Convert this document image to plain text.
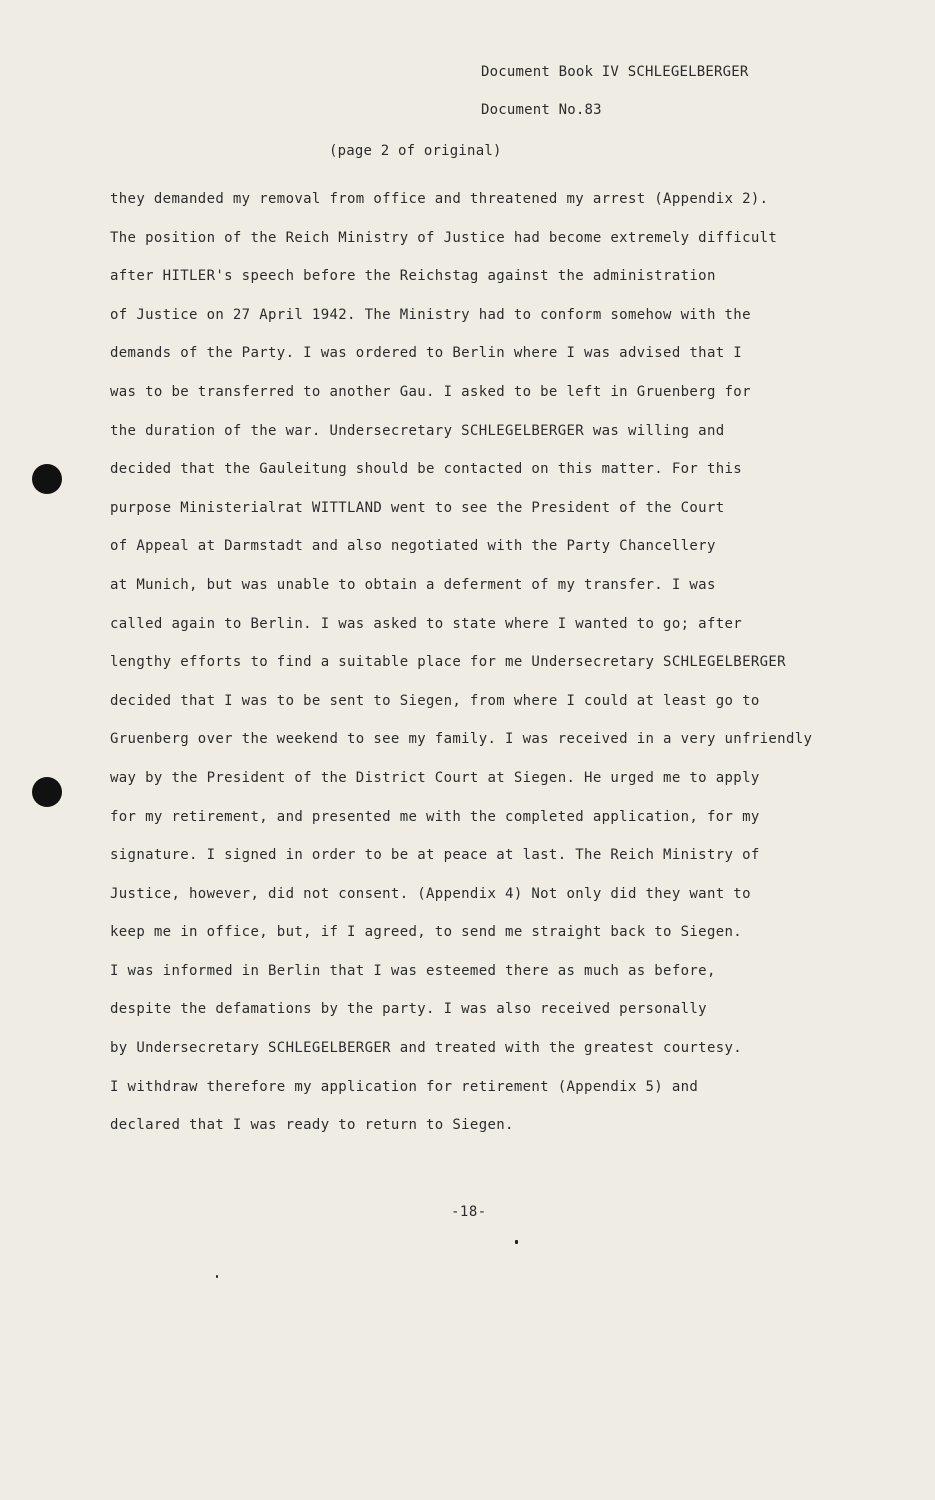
Document Book IV SCHLEGELBERGER
Document No.83
(page 2 of original)
they demanded my removal from office and threatened my arrest (Appendix 2).
The position of the Reich Ministry of Justice had become extremely difficult
after HITLER's speech before the Reichstag against the administration
of Justice on 27 April 1942. The Ministry had to conform somehow with the
demands of the Party. I was ordered to Berlin where I was advised that I
was to be transferred to another Gau. I asked to be left in Gruenberg for
the duration of the war. Undersecretary SCHLEGELBERGER was willing and
decided that the Gauleitung should be contacted on this matter. For this
purpose Ministerialrat WITTLAND went to see the President of the Court
of Appeal at Darmstadt and also negotiated with the Party Chancellery
at Munich, but was unable to obtain a deferment of my transfer. I was
called again to Berlin. I was asked to state where I wanted to go; after
lengthy efforts to find a suitable place for me Undersecretary SCHLEGELBERGER
decided that I was to be sent to Siegen, from where I could at least go to
Gruenberg over the weekend to see my family. I was received in a very unfriendly
way by the President of the District Court at Siegen. He urged me to apply
for my retirement, and presented me with the completed application, for my
signature. I signed in order to be at peace at last. The Reich Ministry of
Justice, however, did not consent. (Appendix 4) Not only did they want to
keep me in office, but, if I agreed, to send me straight back to Siegen.
I was informed in Berlin that I was esteemed there as much as before,
despite the defamations by the party. I was also received personally
by Undersecretary SCHLEGELBERGER and treated with the greatest courtesy.
I withdraw therefore my application for retirement (Appendix 5) and
declared that I was ready to return to Siegen.
-18-
